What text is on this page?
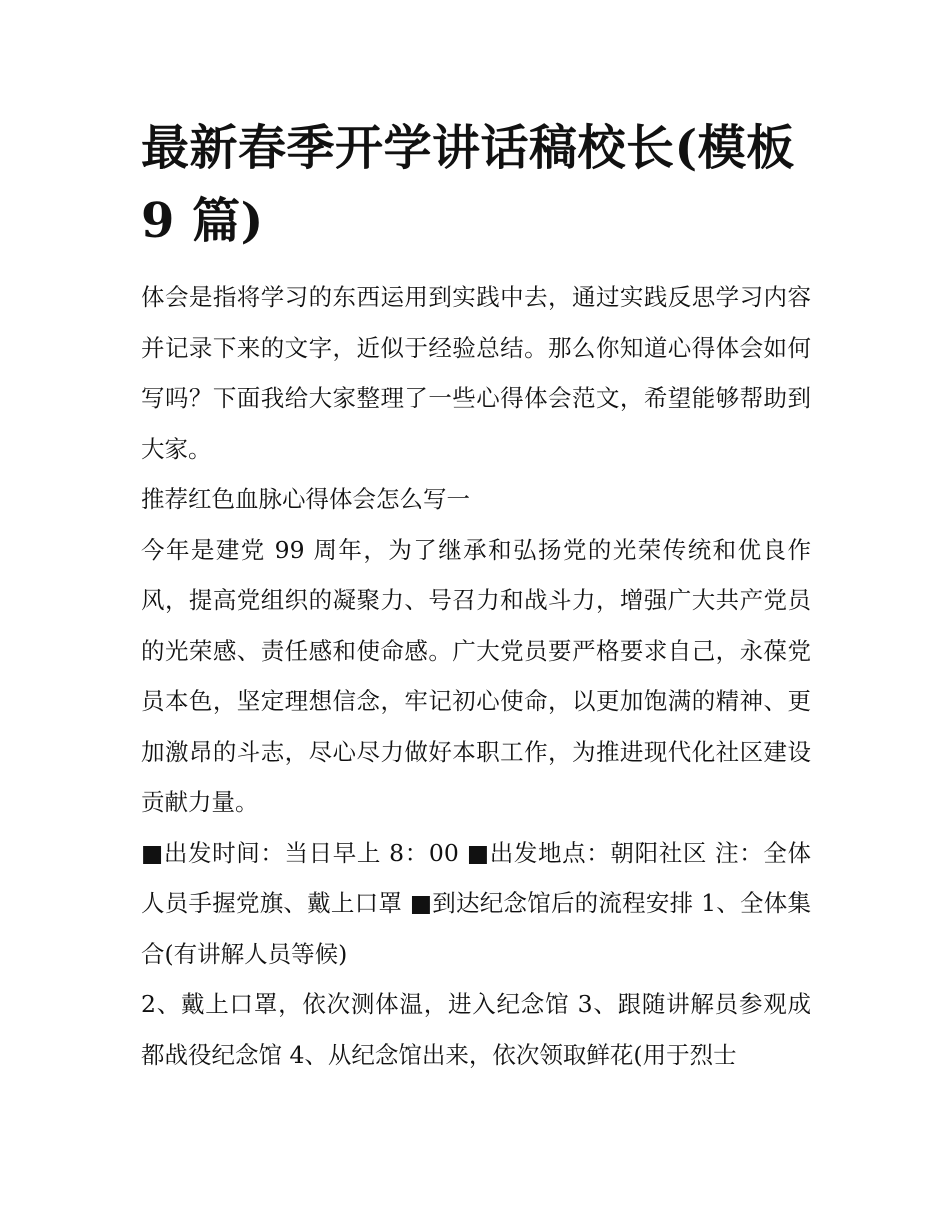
最新春季开学讲话稿校长(模板 9 篇)

体会是指将学习的东西运用到实践中去，通过实践反思学习内容并记录下来的文字，近似于经验总结。那么你知道心得体会如何写吗？下面我给大家整理了一些心得体会范文，希望能够帮助到大家。

推荐红色血脉心得体会怎么写一

今年是建党 99 周年，为了继承和弘扬党的光荣传统和优良作风，提高党组织的凝聚力、号召力和战斗力，增强广大共产党员的光荣感、责任感和使命感。广大党员要严格要求自己，永葆党员本色，坚定理想信念，牢记初心使命，以更加饱满的精神、更加激昂的斗志，尽心尽力做好本职工作，为推进现代化社区建设贡献力量。

■出发时间：当日早上 8：00 ■出发地点：朝阳社区 注：全体人员手握党旗、戴上口罩 ■到达纪念馆后的流程安排 1、全体集合(有讲解人员等候)

2、戴上口罩，依次测体温，进入纪念馆 3、跟随讲解员参观成都战役纪念馆 4、从纪念馆出来，依次领取鲜花(用于烈士
